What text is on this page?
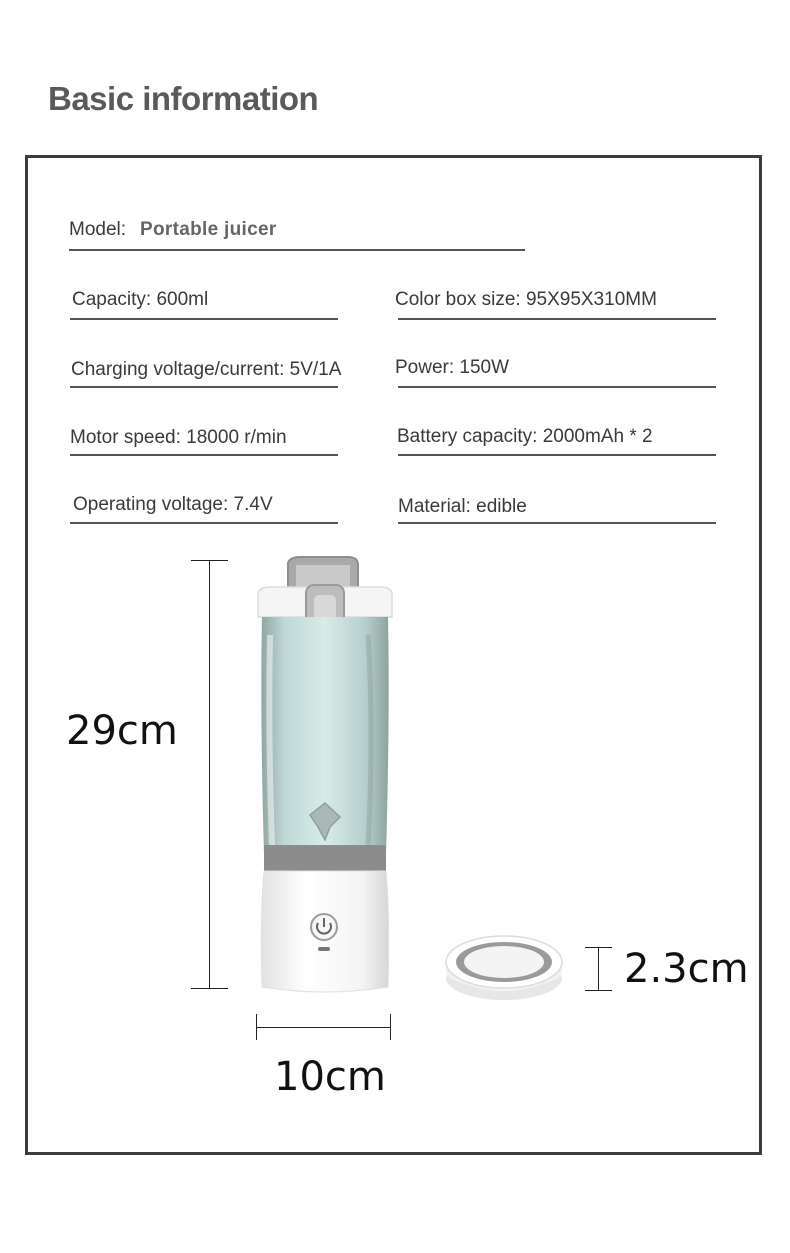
Basic information
Model: Portable juicer
Capacity: 600ml	Color box size: 95X95X310MM
Charging voltage/current: 5V/1A	Power: 150W
Motor speed: 18000 r/min	Battery capacity: 2000mAh * 2
Operating voltage: 7.4V	Material: edible
29cm
10cm
2.3cm
